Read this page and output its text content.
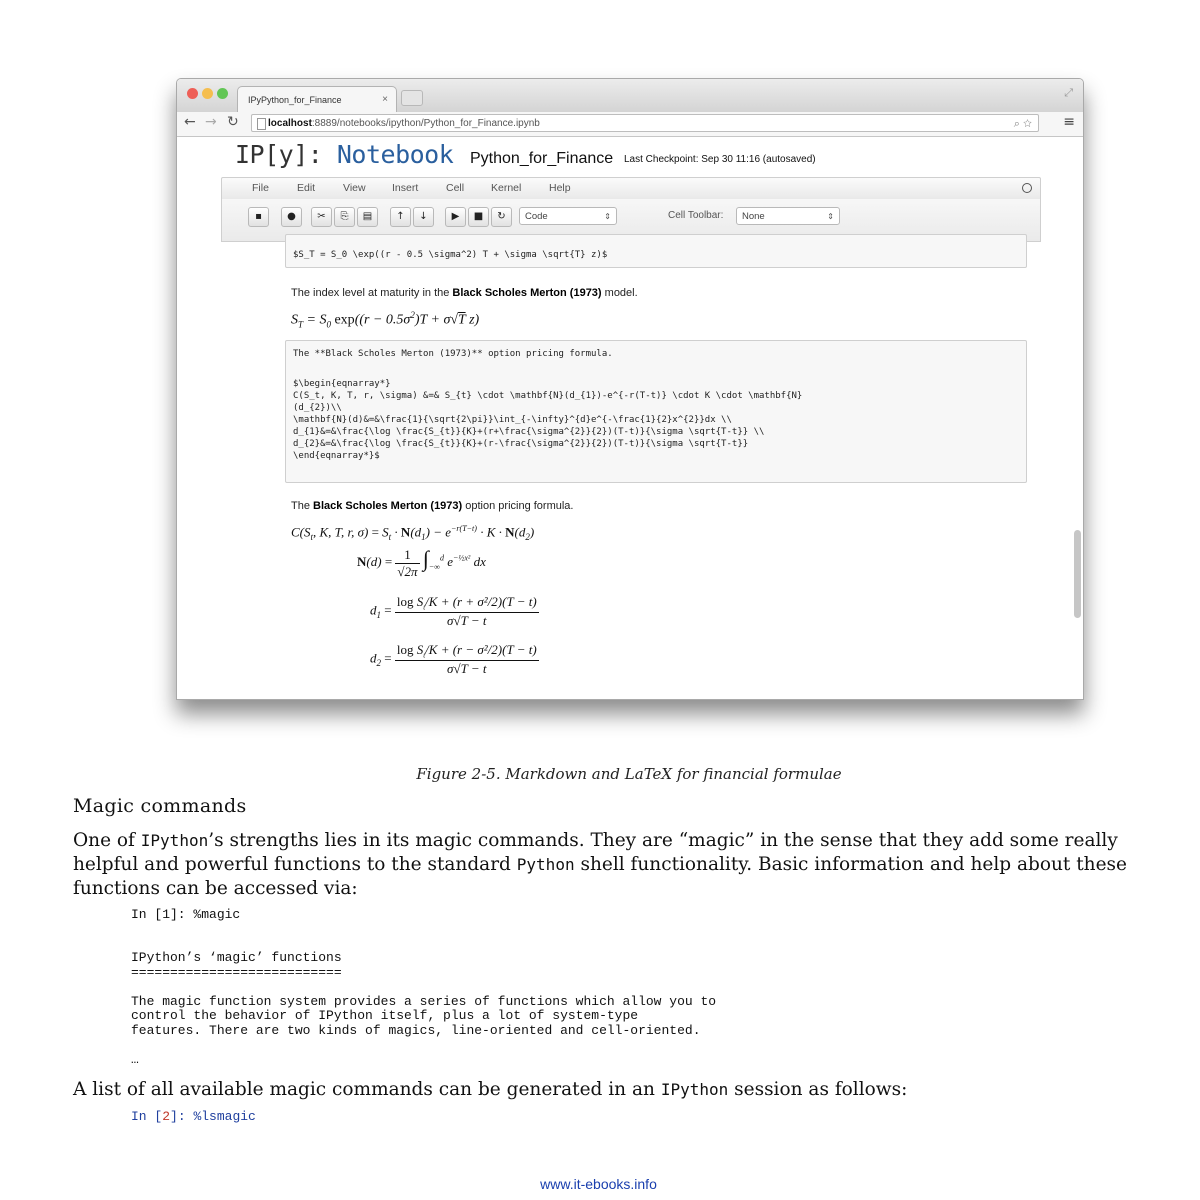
IPyPython_for_Finance	×
⤢
← → ↻	localhost:8889/notebooks/ipython/Python_for_Finance.ipynb	⌕ ☆ ≡
IP[y]: Notebook Python_for_Finance Last Checkpoint: Sep 30 11:16 (autosaved)
File	Edit	View	Insert	Cell	Kernel	Help
▪	●	✂	⎘	▤	↑	↓	▶	■	↻	Code	⇕	Cell Toolbar:	None	⇕
$S_T = S_0 \exp((r - 0.5 \sigma^2) T + \sigma \sqrt{T} z)$
The index level at maturity in the Black Scholes Merton (1973) model.
$S_T = S_0$ $\exp((r - 0.5\sigma^2)T + \sigma√T$ z)
The **Black Scholes Merton (1973)** option pricing formula.
$\begin{eqnarray*}
C(S_t, K, T, r, \sigma) &=& S_{t} \cdot \mathbf{N}(d_{1})-e^{-r(T-t)} \cdot K \cdot \mathbf{N}
(d_{2})\\
\mathbf{N}(d)&=&\frac{1}{\sqrt{2\pi}}\int_{-\infty}^{d}e^{-\frac{1}{2}x^{2}}dx \\
d_{1}&=&\frac{\log \frac{S_{t}}{K}+(r+\frac{\sigma^{2}}{2})(T-t)}{\sigma \sqrt{T-t}} \\
d_{2}&=&\frac{\log \frac{S_{t}}{K}+(r-\frac{\sigma^{2}}{2})(T-t)}{\sigma \sqrt{T-t}}
\end{eqnarray*}$
The Black Scholes Merton (1973) option pricing formula.
$C(S_t$, K, T, r, $\sigma) = S_t \cdot N(d_1) - e^{-r(T-t)} \cdot K \cdot N(d_2)$
$N(d) = \frac{1}{√2\pi} \int_{-\infty}^d$ $e^{-\frac{1}{2}x^2}$ dx
$d_1 = \frac{\log S_t/K + (r + \sigma^2/2)(T - t)}{\sigma√T - t}$
$d_2 = \frac{\log S_t/K + (r - \sigma^2/2)(T - t)}{\sigma√T - t}$
Figure 2-5. Markdown and LaTeX for financial formulae
Magic commands
One of IPython’s strengths lies in its magic commands. They are “magic” in the sense that they add some really helpful and powerful functions to the standard Python shell functionality. Basic information and help about these functions can be accessed via:
In [1]: %magic
IPython’s ‘magic’ functions
===========================

The magic function system provides a series of functions which allow you to
control the behavior of IPython itself, plus a lot of system-type
features. There are two kinds of magics, line-oriented and cell-oriented.

…
A list of all available magic commands can be generated in an IPython session as follows:
In [2]: %lsmagic
www.it-ebooks.info
